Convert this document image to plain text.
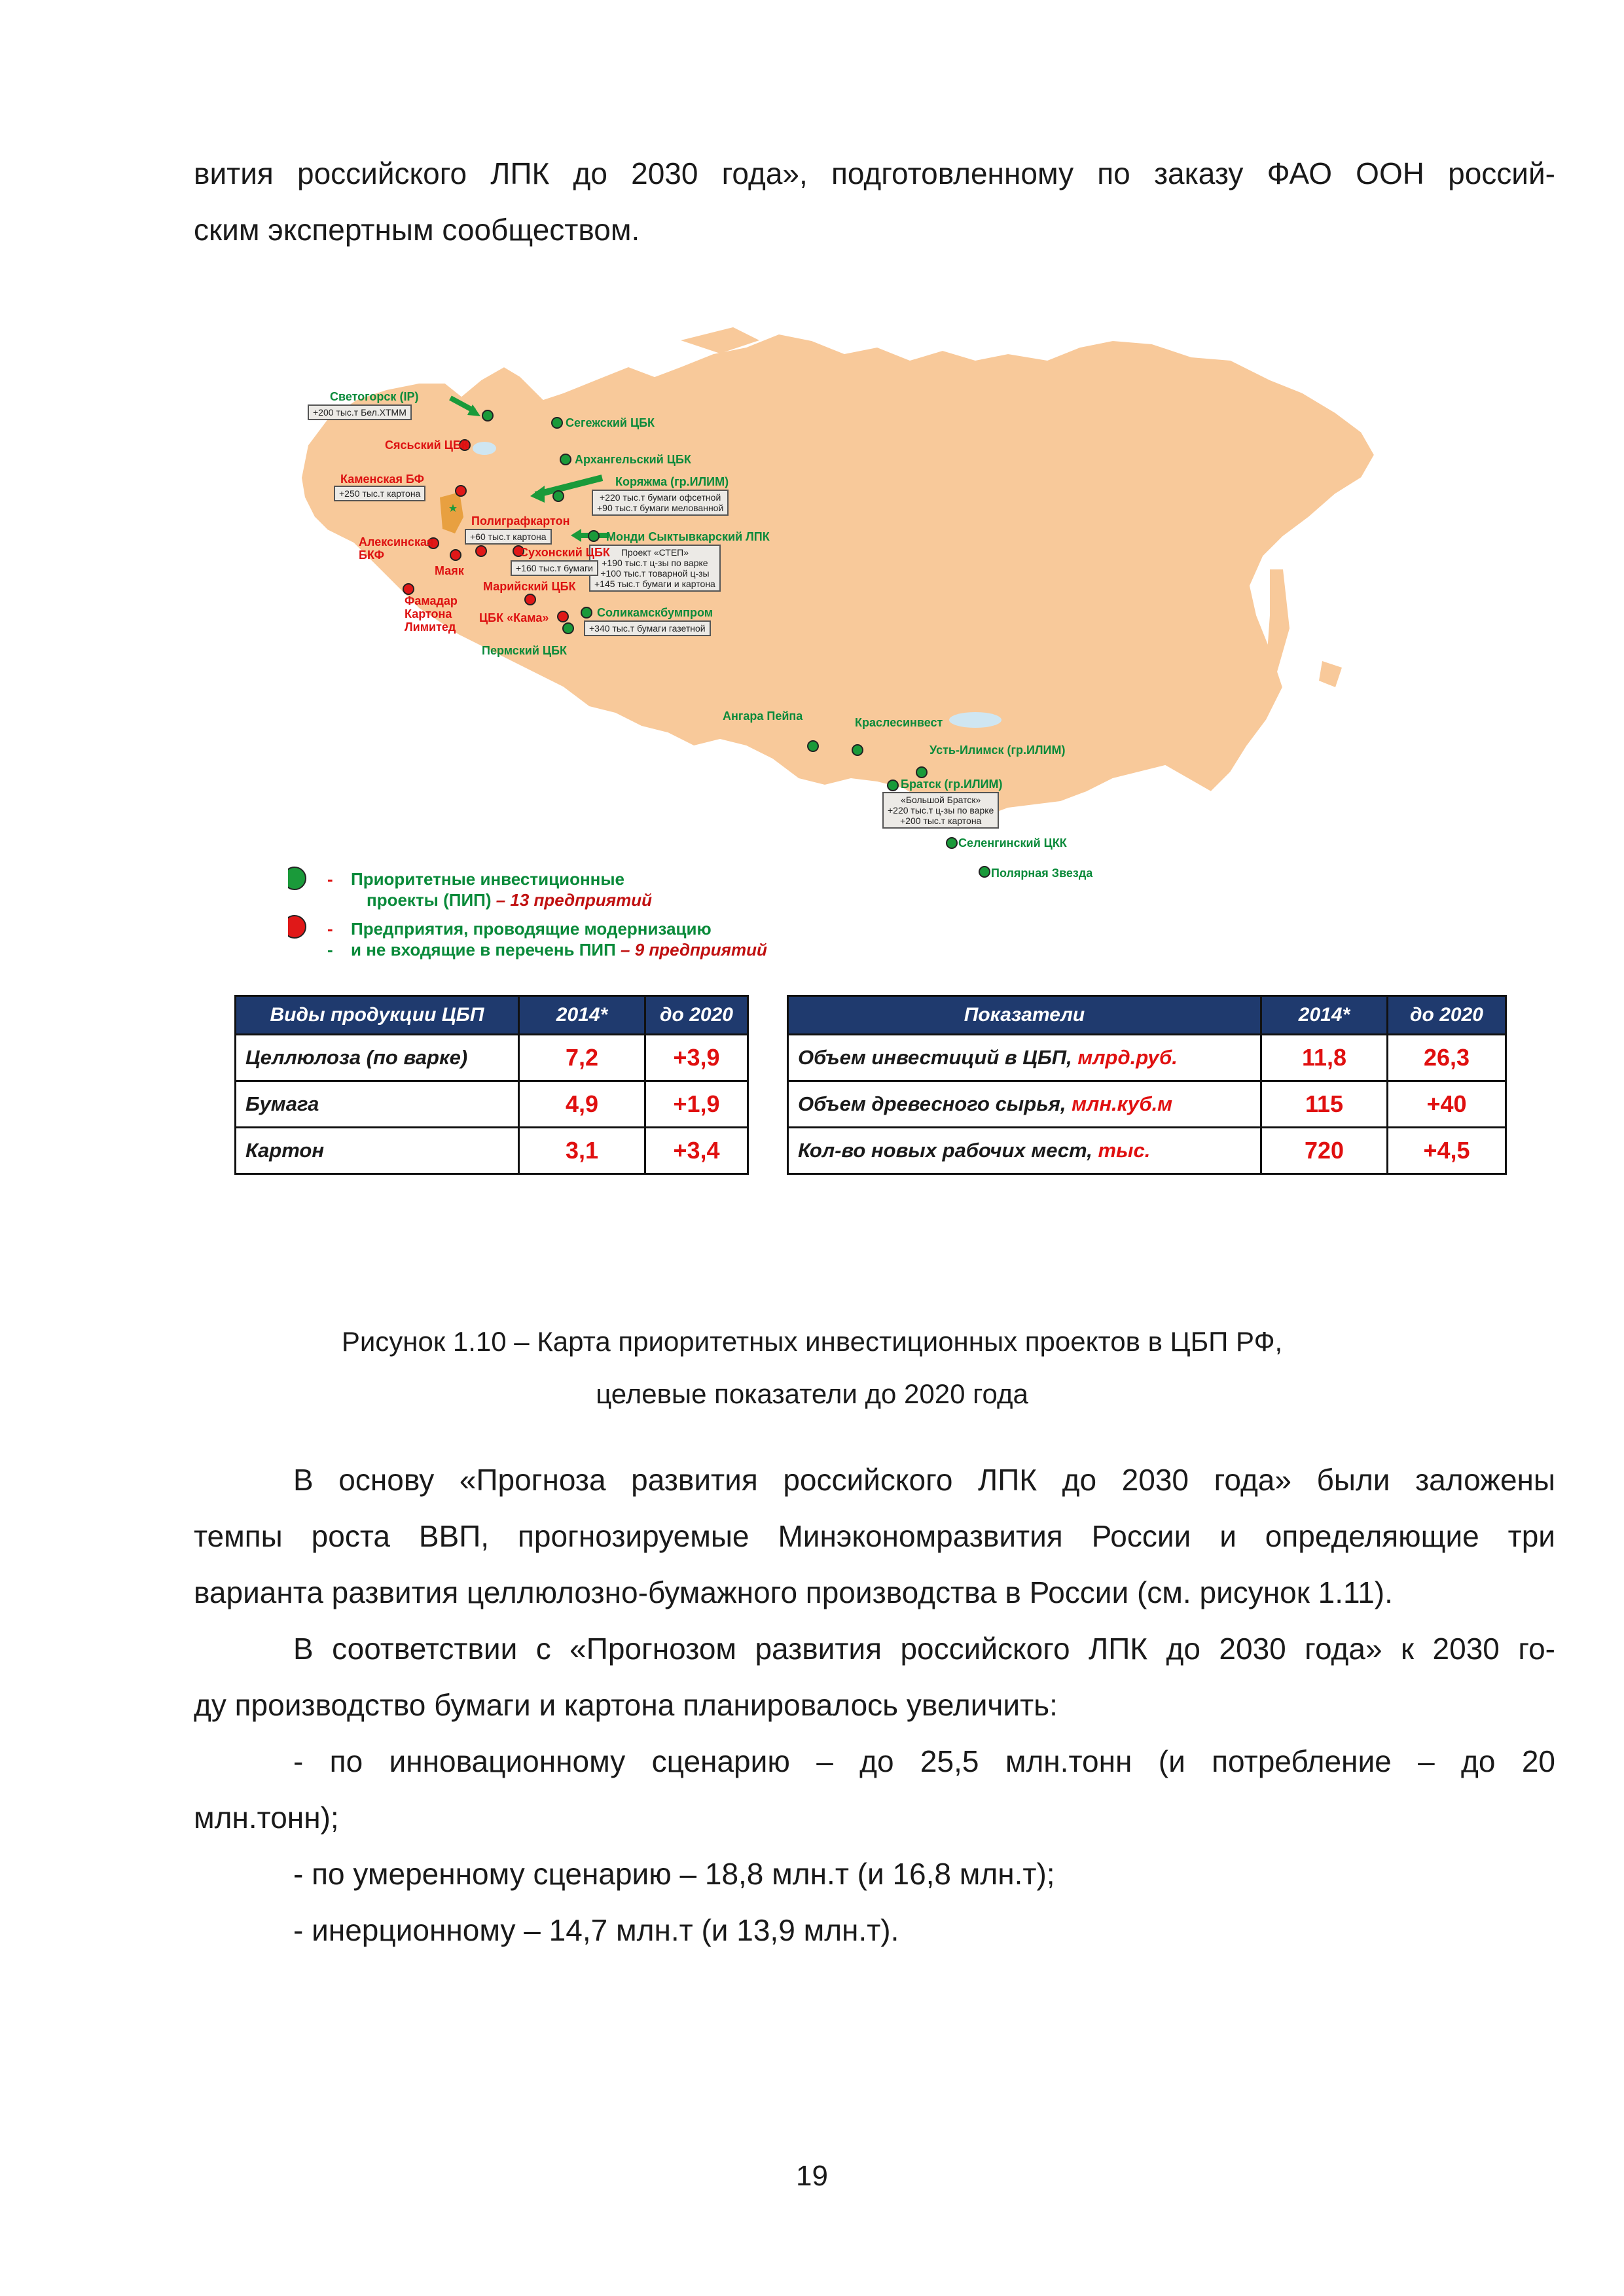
вития российского ЛПК до 2030 года», подготовленному по заказу ФАО ООН россий-

ским экспертным сообществом.

Светогорск (IP)
+200 тыс.т Бел.ХТММ
Сегежский ЦБК
Сясьский ЦБК
Архангельский ЦБК
Каменская БФ
+250 тыс.т картона
Коряжма (гр.ИЛИМ)
+220 тыс.т бумаги офсетной
+90 тыс.т бумаги мелованной
Полиграфкартон
+60 тыс.т картона	Монди Сыктывкарский ЛПК
Проект «СТЕП»
+190 тыс.т ц-зы по варке
+100 тыс.т товарной ц-зы
+145 тыс.т бумаги и картона
Алексинская
БКФ	Сухонский ЦБК
+160 тыс.т бумаги
Маяк
Марийский ЦБК
Фамадар
Картона
Лимитед
Соликамскбумпром
+340 тыс.т бумаги газетной
ЦБК «Кама»
Пермский ЦБК
Ангара Пейпа	Краслесинвест
Усть-Илимск (гр.ИЛИМ)
Братск (гр.ИЛИМ)
«Большой Братск»
+220 тыс.т ц-зы по варке
+200 тыс.т картона
Селенгинский ЦКК
Полярная Звезда
- Приоритетные инвестиционные
проекты (ПИП) – 13 предприятий
- Предприятия, проводящие модернизацию
- и не входящие в перечень ПИП – 9 предприятий
Виды продукции ЦБП	2014*	до 2020
Целлюлоза (по варке)	7,2	+3,9
Бумага	4,9	+1,9
Картон	3,1	+3,4
Показатели	2014*	до 2020
Объем инвестиций в ЦБП, млрд.руб.	11,8	26,3
Объем древесного сырья, млн.куб.м	115	+40
Кол-во новых рабочих мест, тыс.	720	+4,5
Рисунок 1.10 – Карта приоритетных инвестиционных проектов в ЦБП РФ,
целевые показатели до 2020 года

В основу «Прогноза развития российского ЛПК до 2030 года» были заложены

темпы роста ВВП, прогнозируемые Минэкономразвития России и определяющие три

варианта развития целлюлозно-бумажного производства в России (см. рисунок 1.11).

В соответствии с «Прогнозом развития российского ЛПК до 2030 года» к 2030 го-

ду производство бумаги и картона планировалось увеличить:

- по инновационному сценарию – до 25,5 млн.тонн (и потребление – до 20

млн.тонн);

- по умеренному сценарию – 18,8 млн.т (и 16,8 млн.т);

- инерционному – 14,7 млн.т (и 13,9 млн.т).

19
